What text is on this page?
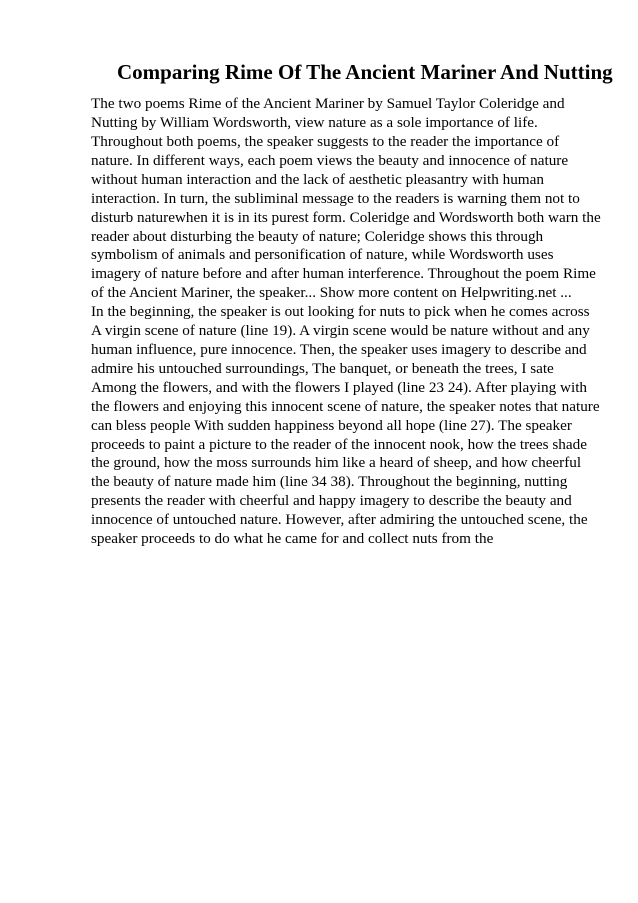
Comparing Rime Of The Ancient Mariner And Nutting

The two poems Rime of the Ancient Mariner by Samuel Taylor Coleridge and Nutting by William Wordsworth, view nature as a sole importance of life. Throughout both poems, the speaker suggests to the reader the importance of nature. In different ways, each poem views the beauty and innocence of nature without human interaction and the lack of aesthetic pleasantry with human interaction. In turn, the subliminal message to the readers is warning them not to disturb naturewhen it is in its purest form. Coleridge and Wordsworth both warn the reader about disturbing the beauty of nature; Coleridge shows this through symbolism of animals and personification of nature, while Wordsworth uses imagery of nature before and after human interference. Throughout the poem Rime of the Ancient Mariner, the speaker... Show more content on Helpwriting.net ...

In the beginning, the speaker is out looking for nuts to pick when he comes across A virgin scene of nature (line 19). A virgin scene would be nature without and any human influence, pure innocence. Then, the speaker uses imagery to describe and admire his untouched surroundings, The banquet, or beneath the trees, I sate Among the flowers, and with the flowers I played (line 23 24). After playing with the flowers and enjoying this innocent scene of nature, the speaker notes that nature can bless people With sudden happiness beyond all hope (line 27). The speaker proceeds to paint a picture to the reader of the innocent nook, how the trees shade the ground, how the moss surrounds him like a heard of sheep, and how cheerful the beauty of nature made him (line 34 38). Throughout the beginning, nutting presents the reader with cheerful and happy imagery to describe the beauty and innocence of untouched nature. However, after admiring the untouched scene, the speaker proceeds to do what he came for and collect nuts from the
